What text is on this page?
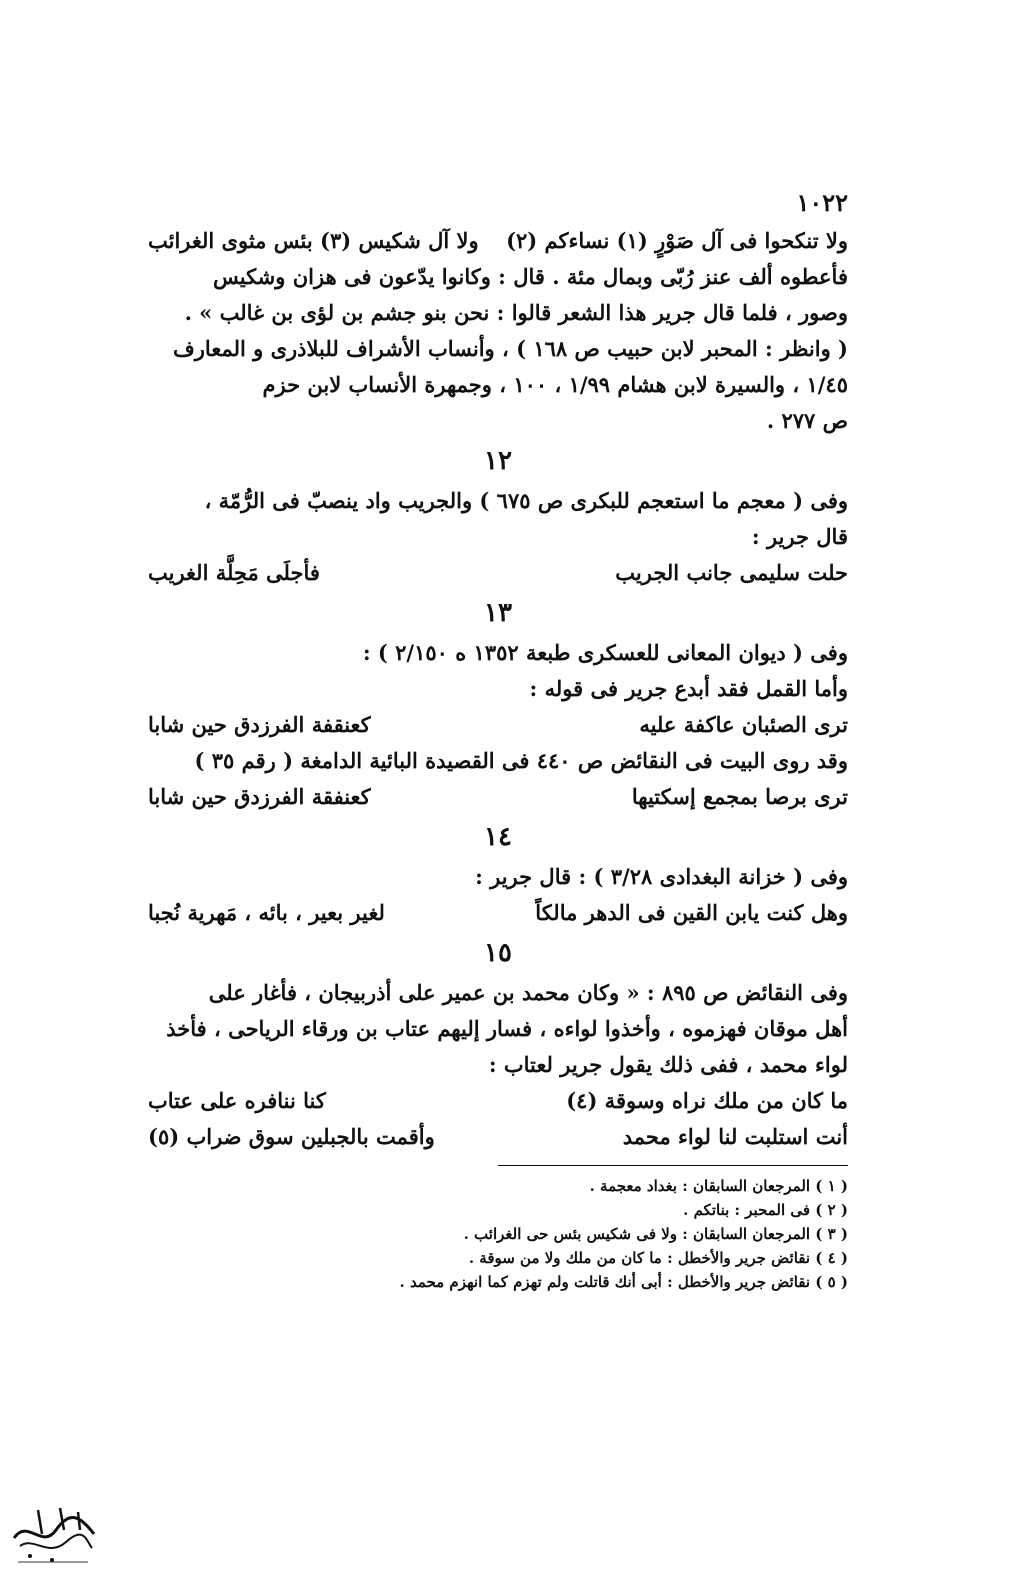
١٠٢٢
ولا تنكحوا فى آل صَوْرٍ (١) نساءكم (٢)
ولا آل شكيس (٣) بئس مثوى الغرائب
فأعطوه ألف عنز رُبّى وبمال مئة . قال : وكانوا يدّعون فى هزان وشكيس
وصور ، فلما قال جرير هذا الشعر قالوا : نحن بنو جشم بن لؤى بن غالب » .
( وانظر : المحبر لابن حبيب ص ١٦٨ ) ، وأنساب الأشراف للبلاذرى و المعارف
١/٤٥ ، والسيرة لابن هشام ١/٩٩ ، ١٠٠ ، وجمهرة الأنساب لابن حزم
ص ٢٧٧ .
١٢
وفى ( معجم ما استعجم للبكرى ص ٦٧٥ ) والجريب واد ينصبّ فى الرُّمّة ،
قال جرير :
حلت سليمى جانب الجريب
فأجلَى مَحِلَّة الغريب
١٣
وفى ( ديوان المعانى للعسكرى طبعة ١٣٥٢ ه ٢/١٥٠ ) :
وأما القمل فقد أبدع جرير فى قوله :
ترى الصئبان عاكفة عليه
كعنقفة الفرزدق حين شابا
وقد روى البيت فى النقائض ص ٤٤٠ فى القصيدة البائية الدامغة ( رقم ٣٥ )
ترى برصا بمجمع إسكتيها
كعنفقة الفرزدق حين شابا
١٤
وفى ( خزانة البغدادى ٣/٢٨ ) : قال جرير :
وهل كنت يابن القين فى الدهر مالكاً
لغير بعير ، بائه ، مَهرية نُجبا
١٥
وفى النقائض ص ٨٩٥ : « وكان محمد بن عمير على أذربيجان ، فأغار على
أهل موقان فهزموه ، وأخذوا لواءه ، فسار إليهم عتاب بن ورقاء الرياحى ، فأخذ
لواء محمد ، ففى ذلك يقول جرير لعتاب :
ما كان من ملك نراه وسوقة (٤)
كنا ننافره على عتاب
أنت استلبت لنا لواء محمد
وأقمت بالجبلين سوق ضراب (٥)
( ١ ) المرجعان السابقان : بغداد معجمة .
( ٢ ) فى المحبر : بناتكم .
( ٣ ) المرجعان السابقان : ولا فى شكيس بئس حى الغرائب .
( ٤ ) نقائض جرير والأخطل : ما كان من ملك ولا من سوقة .
( ٥ ) نقائض جرير والأخطل : أبى أنك قاتلت ولم تهزم كما انهزم محمد .
